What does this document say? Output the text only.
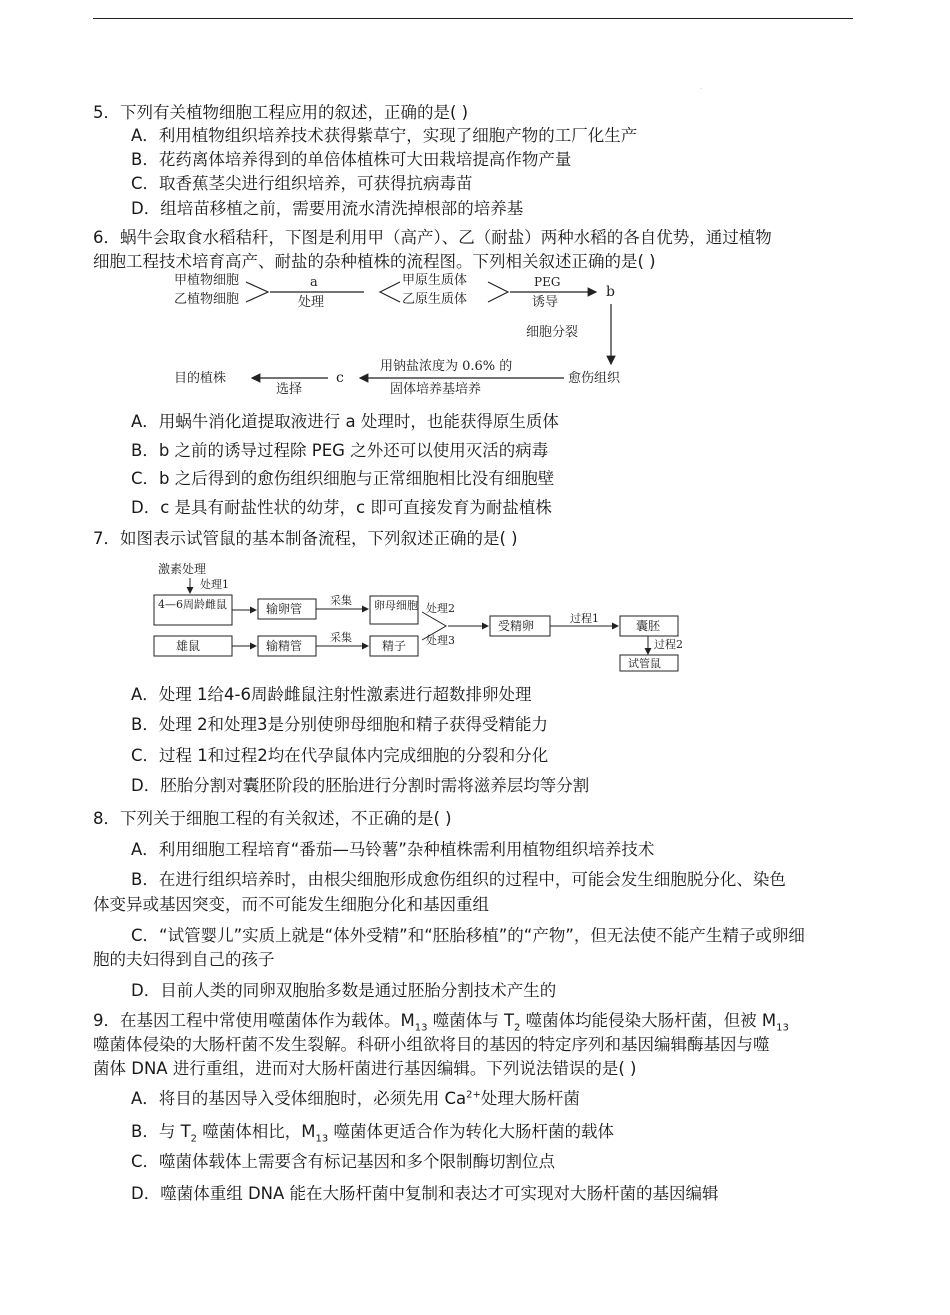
·
5．下列有关植物细胞工程应用的叙述，正确的是( )
A．利用植物组织培养技术获得紫草宁，实现了细胞产物的工厂化生产
B．花药离体培养得到的单倍体植株可大田栽培提高作物产量
C．取香蕉茎尖进行组织培养，可获得抗病毒苗
D．组培苗移植之前，需要用流水清洗掉根部的培养基
6．蜗牛会取食水稻秸秆，下图是利用甲（高产）、乙（耐盐）两种水稻的各自优势，通过植物
细胞工程技术培育高产、耐盐的杂种植株的流程图。下列相关叙述正确的是( )
甲植物细胞
乙植物细胞
a
处理
甲原生质体
乙原生质体
PEG
诱导
b
细胞分裂
愈伤组织
用钠盐浓度为 0.6% 的
固体培养基培养
c
选择
目的植株
A．用蜗牛消化道提取液进行 a 处理时，也能获得原生质体
B．b 之前的诱导过程除 PEG 之外还可以使用灭活的病毒
C．b 之后得到的愈伤组织细胞与正常细胞相比没有细胞壁
D．c 是具有耐盐性状的幼芽，c 即可直接发育为耐盐植株
7．如图表示试管鼠的基本制备流程，下列叙述正确的是( )
激素处理
处理1
4—6周龄雌鼠	输卵管
采集 卵母细胞 处理2
处理3
受精卵
过程1
囊胚
过程2
试管鼠
雄鼠	输精管
采集
精子
A．处理 1给4-6周龄雌鼠注射性激素进行超数排卵处理
B．处理 2和处理3是分别使卵母细胞和精子获得受精能力
C．过程 1和过程2均在代孕鼠体内完成细胞的分裂和分化
D．胚胎分割对囊胚阶段的胚胎进行分割时需将滋养层均等分割
8．下列关于细胞工程的有关叙述，不正确的是( )
A．利用细胞工程培育“番茄—马铃薯”杂种植株需利用植物组织培养技术
B．在进行组织培养时，由根尖细胞形成愈伤组织的过程中，可能会发生细胞脱分化、染色
体变异或基因突变，而不可能发生细胞分化和基因重组
C．“试管婴儿”实质上就是“体外受精”和“胚胎移植”的“产物”，但无法使不能产生精子或卵细
胞的夫妇得到自己的孩子
D．目前人类的同卵双胞胎多数是通过胚胎分割技术产生的
9．在基因工程中常使用噬菌体作为载体。$M_{13}$ 噬菌体与 $T_2$ 噬菌体均能侵染大肠杆菌，但被 $M_{13}$
噬菌体侵染的大肠杆菌不发生裂解。科研小组欲将目的基因的特定序列和基因编辑酶基因与噬
菌体 DNA 进行重组，进而对大肠杆菌进行基因编辑。下列说法错误的是( )
A．将目的基因导入受体细胞时，必须先用 $Ca^{2+}$处理大肠杆菌
B．与 $T_2$ 噬菌体相比，$M_{13}$ 噬菌体更适合作为转化大肠杆菌的载体
C．噬菌体载体上需要含有标记基因和多个限制酶切割位点
D．噬菌体重组 DNA 能在大肠杆菌中复制和表达才可实现对大肠杆菌的基因编辑
